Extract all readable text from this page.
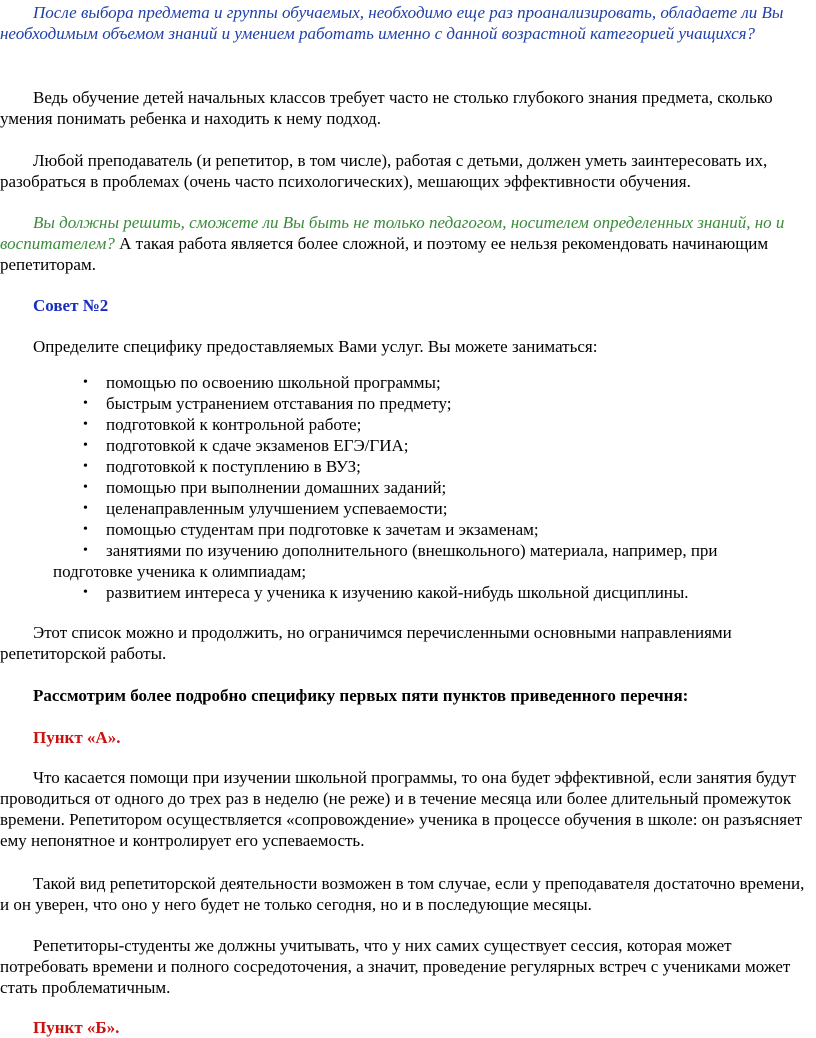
После выбора предмета и группы обучаемых, необходимо еще раз проанализировать, обладаете ли Вы необходимым объемом знаний и умением работать именно с данной возрастной категорией учащихся?

Ведь обучение детей начальных классов требует часто не столько глубокого знания предмета, сколько умения понимать ребенка и находить к нему подход.

Любой преподаватель (и репетитор, в том числе), работая с детьми, должен уметь заинтересовать их, разобраться в проблемах (очень часто психологических), мешающих эффективности обучения.

Вы должны решить, сможете ли Вы быть не только педагогом, носителем определенных знаний, но и воспитателем? А такая работа является более сложной, и поэтому ее нельзя рекомендовать начинающим репетиторам.

Совет №2

Определите специфику предоставляемых Вами услуг. Вы можете заниматься:

• помощью по освоению школьной программы;
• быстрым устранением отставания по предмету;
• подготовкой к контрольной работе;
• подготовкой к сдаче экзаменов ЕГЭ/ГИА;
• подготовкой к поступлению в ВУЗ;
• помощью при выполнении домашних заданий;
• целенаправленным улучшением успеваемости;
• помощью студентам при подготовке к зачетам и экзаменам;
•	занятиями по изучению дополнительного (внешкольного) материала, например, при
подготовке ученика к олимпиадам;
• развитием интереса у ученика к изучению какой-нибудь школьной дисциплины.

Этот список можно и продолжить, но ограничимся перечисленными основными направлениями репетиторской работы.

Рассмотрим более подробно специфику первых пяти пунктов приведенного перечня:

Пункт «А».

Что касается помощи при изучении школьной программы, то она будет эффективной, если занятия будут проводиться от одного до трех раз в неделю (не реже) и в течение месяца или более длительный промежуток времени. Репетитором осуществляется «сопровождение» ученика в процессе обучения в школе: он разъясняет ему непонятное и контролирует его успеваемость.

Такой вид репетиторской деятельности возможен в том случае, если у преподавателя достаточно времени, и он уверен, что оно у него будет не только сегодня, но и в последующие месяцы.

Репетиторы-студенты же должны учитывать, что у них самих существует сессия, которая может потребовать времени и полного сосредоточения, а значит, проведение регулярных встреч с учениками может стать проблематичным.

Пункт «Б».
